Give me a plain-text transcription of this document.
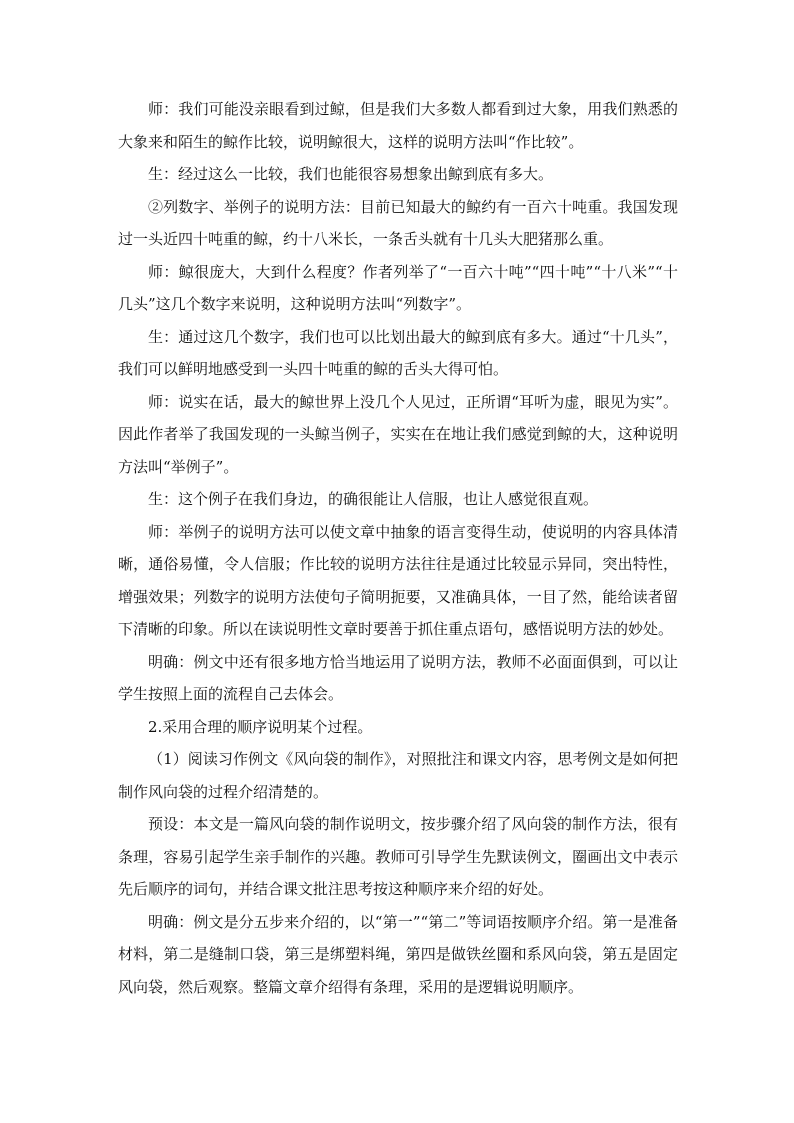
师：我们可能没亲眼看到过鲸，但是我们大多数人都看到过大象，用我们熟悉的大象来和陌生的鲸作比较，说明鲸很大，这样的说明方法叫“作比较”。

生：经过这么一比较，我们也能很容易想象出鲸到底有多大。

②列数字、举例子的说明方法：目前已知最大的鲸约有一百六十吨重。我国发现过一头近四十吨重的鲸，约十八米长，一条舌头就有十几头大肥猪那么重。

师：鲸很庞大，大到什么程度？作者列举了“一百六十吨”“四十吨”“十八米”“十几头”这几个数字来说明，这种说明方法叫“列数字”。

生：通过这几个数字，我们也可以比划出最大的鲸到底有多大。通过“十几头”，我们可以鲜明地感受到一头四十吨重的鲸的舌头大得可怕。

师：说实在话，最大的鲸世界上没几个人见过，正所谓“耳听为虚，眼见为实”。因此作者举了我国发现的一头鲸当例子，实实在在地让我们感觉到鲸的大，这种说明方法叫“举例子”。

生：这个例子在我们身边，的确很能让人信服，也让人感觉很直观。

师：举例子的说明方法可以使文章中抽象的语言变得生动，使说明的内容具体清晰，通俗易懂，令人信服；作比较的说明方法往往是通过比较显示异同，突出特性，增强效果；列数字的说明方法使句子简明扼要，又准确具体，一目了然，能给读者留下清晰的印象。所以在读说明性文章时要善于抓住重点语句，感悟说明方法的妙处。

明确：例文中还有很多地方恰当地运用了说明方法，教师不必面面俱到，可以让学生按照上面的流程自己去体会。

2.采用合理的顺序说明某个过程。

（1）阅读习作例文《风向袋的制作》，对照批注和课文内容，思考例文是如何把制作风向袋的过程介绍清楚的。

预设：本文是一篇风向袋的制作说明文，按步骤介绍了风向袋的制作方法，很有条理，容易引起学生亲手制作的兴趣。教师可引导学生先默读例文，圈画出文中表示先后顺序的词句，并结合课文批注思考按这种顺序来介绍的好处。

明确：例文是分五步来介绍的，以“第一”“第二”等词语按顺序介绍。第一是准备材料，第二是缝制口袋，第三是绑塑料绳，第四是做铁丝圈和系风向袋，第五是固定风向袋，然后观察。整篇文章介绍得有条理，采用的是逻辑说明顺序。
